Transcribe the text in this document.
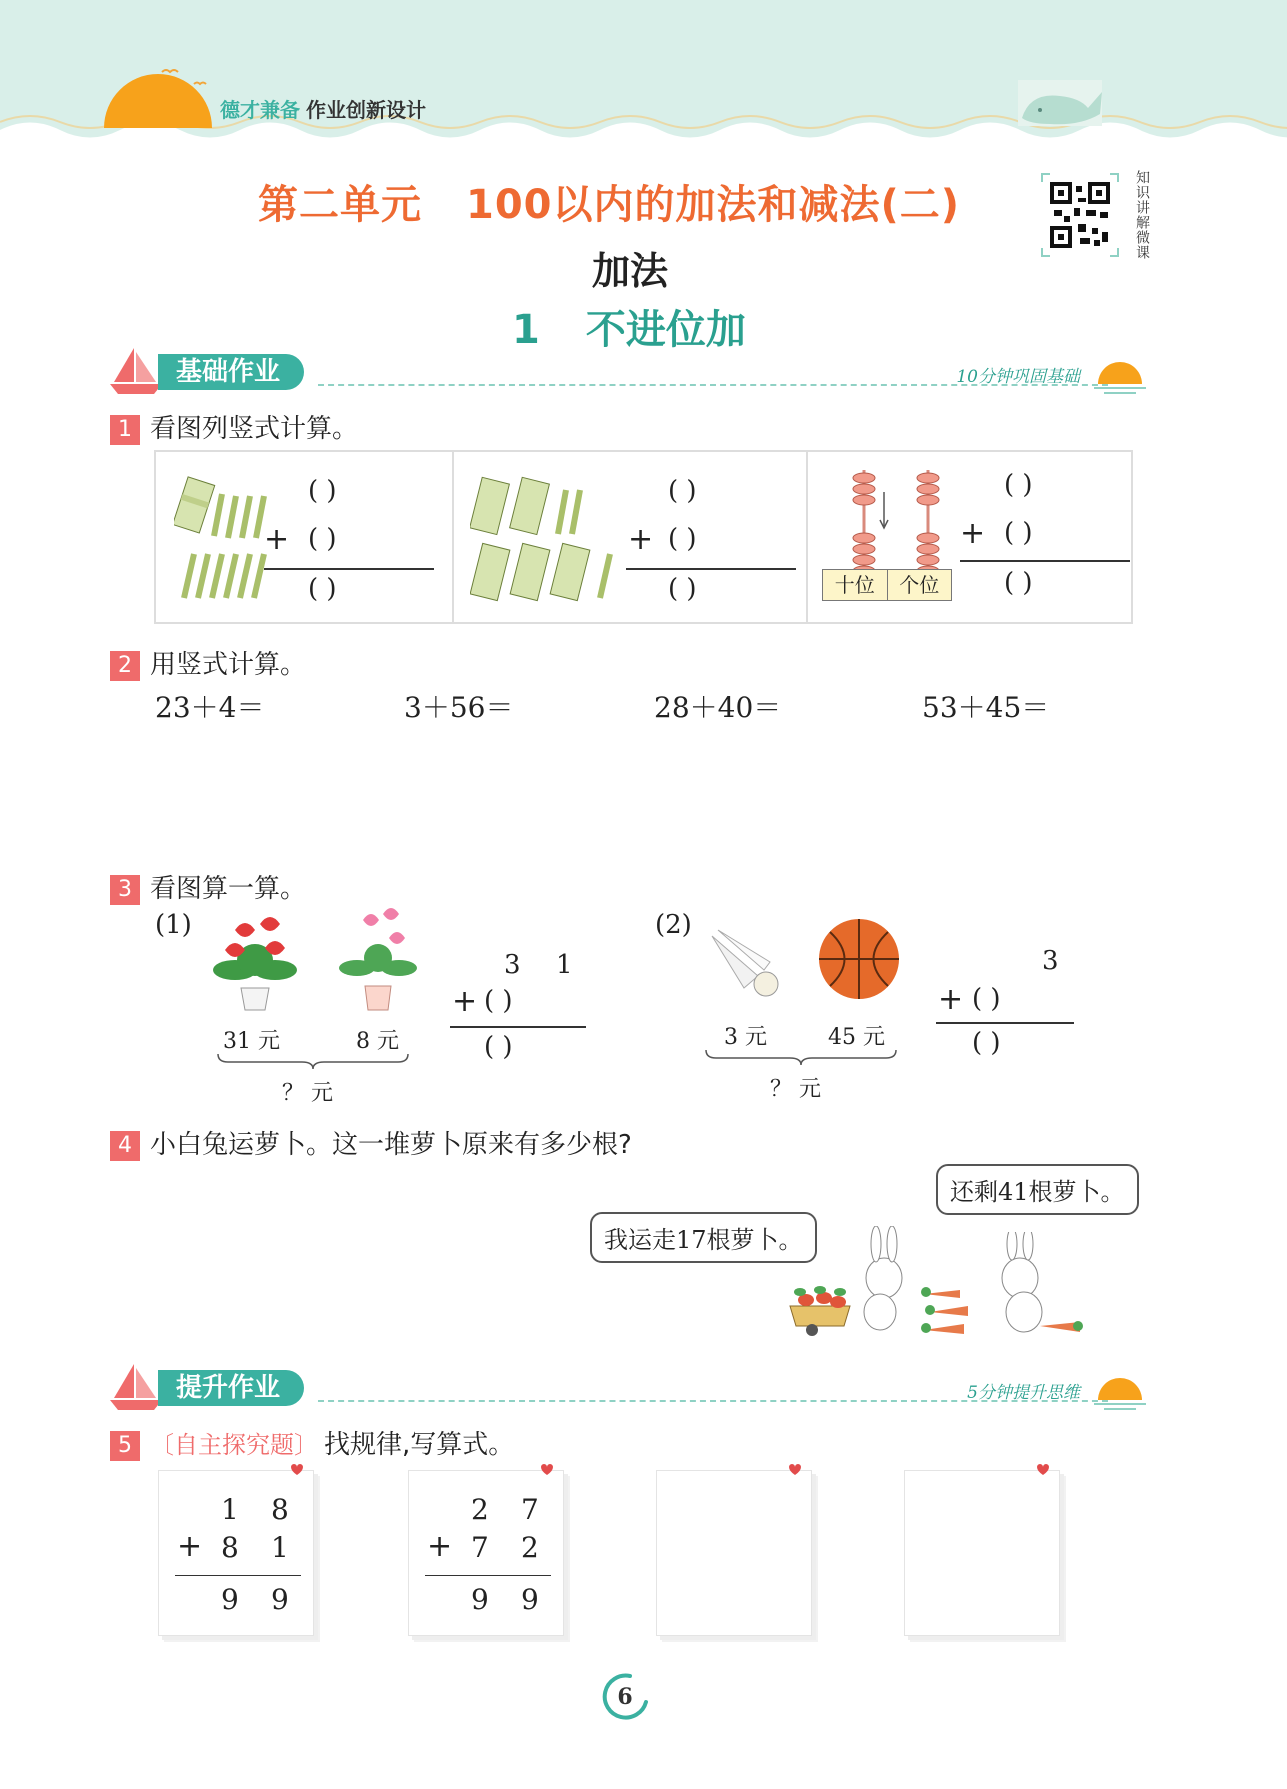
德才兼备 作业创新设计
第二单元 100以内的加法和减法(二)	知识讲解微课
加法
1 不进位加
基础作业	10分钟巩固基础
1 看图列竖式计算。
( )
+ ( )
( )
( )
+ ( )
( )	十位	个位
( )
+ ( )
( )
2 用竖式计算。
23＋4＝	3＋56＝	28＋40＝	53＋45＝
3 看图算一算。
(1)
31 元	8 元
？ 元
3 1
+ ( )
( )
(2)
3 元	45 元
？ 元
3
+ ( )
( )
4 小白兔运萝卜。这一堆萝卜原来有多少根?
我运走17根萝卜。
还剩41根萝卜。
提升作业	5分钟提升思维
5 〔自主探究题〕 找规律,写算式。
1 8
+ 8 1
9 9
2 7
+ 7 2
9 9
6
